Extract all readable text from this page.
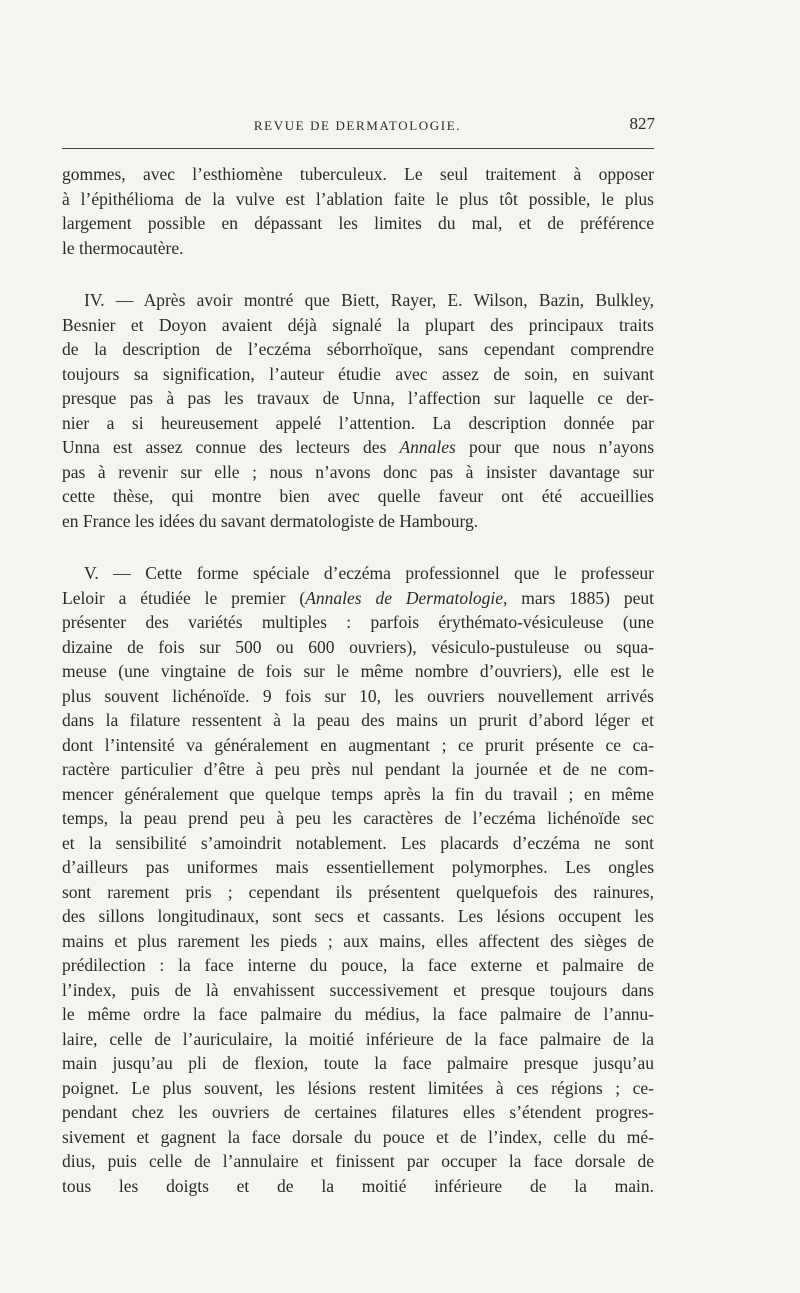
REVUE DE DERMATOLOGIE.	827

gommes, avec l’esthiomène tuberculeux. Le seul traitement à opposer
à l’épithélioma de la vulve est l’ablation faite le plus tôt possible, le plus
largement possible en dépassant les limites du mal, et de préférence
le thermocautère.

IV. — Après avoir montré que Biett, Rayer, E. Wilson, Bazin, Bulkley,
Besnier et Doyon avaient déjà signalé la plupart des principaux traits
de la description de l’eczéma séborrhoïque, sans cependant comprendre
toujours sa signification, l’auteur étudie avec assez de soin, en suivant
presque pas à pas les travaux de Unna, l’affection sur laquelle ce der-
nier a si heureusement appelé l’attention. La description donnée par
Unna est assez connue des lecteurs des Annales pour que nous n’ayons
pas à revenir sur elle ; nous n’avons donc pas à insister davantage sur
cette thèse, qui montre bien avec quelle faveur ont été accueillies
en France les idées du savant dermatologiste de Hambourg.

V. — Cette forme spéciale d’eczéma professionnel que le professeur
Leloir a étudiée le premier (Annales de Dermatologie, mars 1885) peut
présenter des variétés multiples : parfois érythémato-vésiculeuse (une
dizaine de fois sur 500 ou 600 ouvriers), vésiculo-pustuleuse ou squa-
meuse (une vingtaine de fois sur le même nombre d’ouvriers), elle est le
plus souvent lichénoïde. 9 fois sur 10, les ouvriers nouvellement arrivés
dans la filature ressentent à la peau des mains un prurit d’abord léger et
dont l’intensité va généralement en augmentant ; ce prurit présente ce ca-
ractère particulier d’être à peu près nul pendant la journée et de ne com-
mencer généralement que quelque temps après la fin du travail ; en même
temps, la peau prend peu à peu les caractères de l’eczéma lichénoïde sec
et la sensibilité s’amoindrit notablement. Les placards d’eczéma ne sont
d’ailleurs pas uniformes mais essentiellement polymorphes. Les ongles
sont rarement pris ; cependant ils présentent quelquefois des rainures,
des sillons longitudinaux, sont secs et cassants. Les lésions occupent les
mains et plus rarement les pieds ; aux mains, elles affectent des sièges de
prédilection : la face interne du pouce, la face externe et palmaire de
l’index, puis de là envahissent successivement et presque toujours dans
le même ordre la face palmaire du médius, la face palmaire de l’annu-
laire, celle de l’auriculaire, la moitié inférieure de la face palmaire de la
main jusqu’au pli de flexion, toute la face palmaire presque jusqu’au
poignet. Le plus souvent, les lésions restent limitées à ces régions ; ce-
pendant chez les ouvriers de certaines filatures elles s’étendent progres-
sivement et gagnent la face dorsale du pouce et de l’index, celle du mé-
dius, puis celle de l’annulaire et finissent par occuper la face dorsale de
tous les doigts et de la moitié inférieure de la main.
